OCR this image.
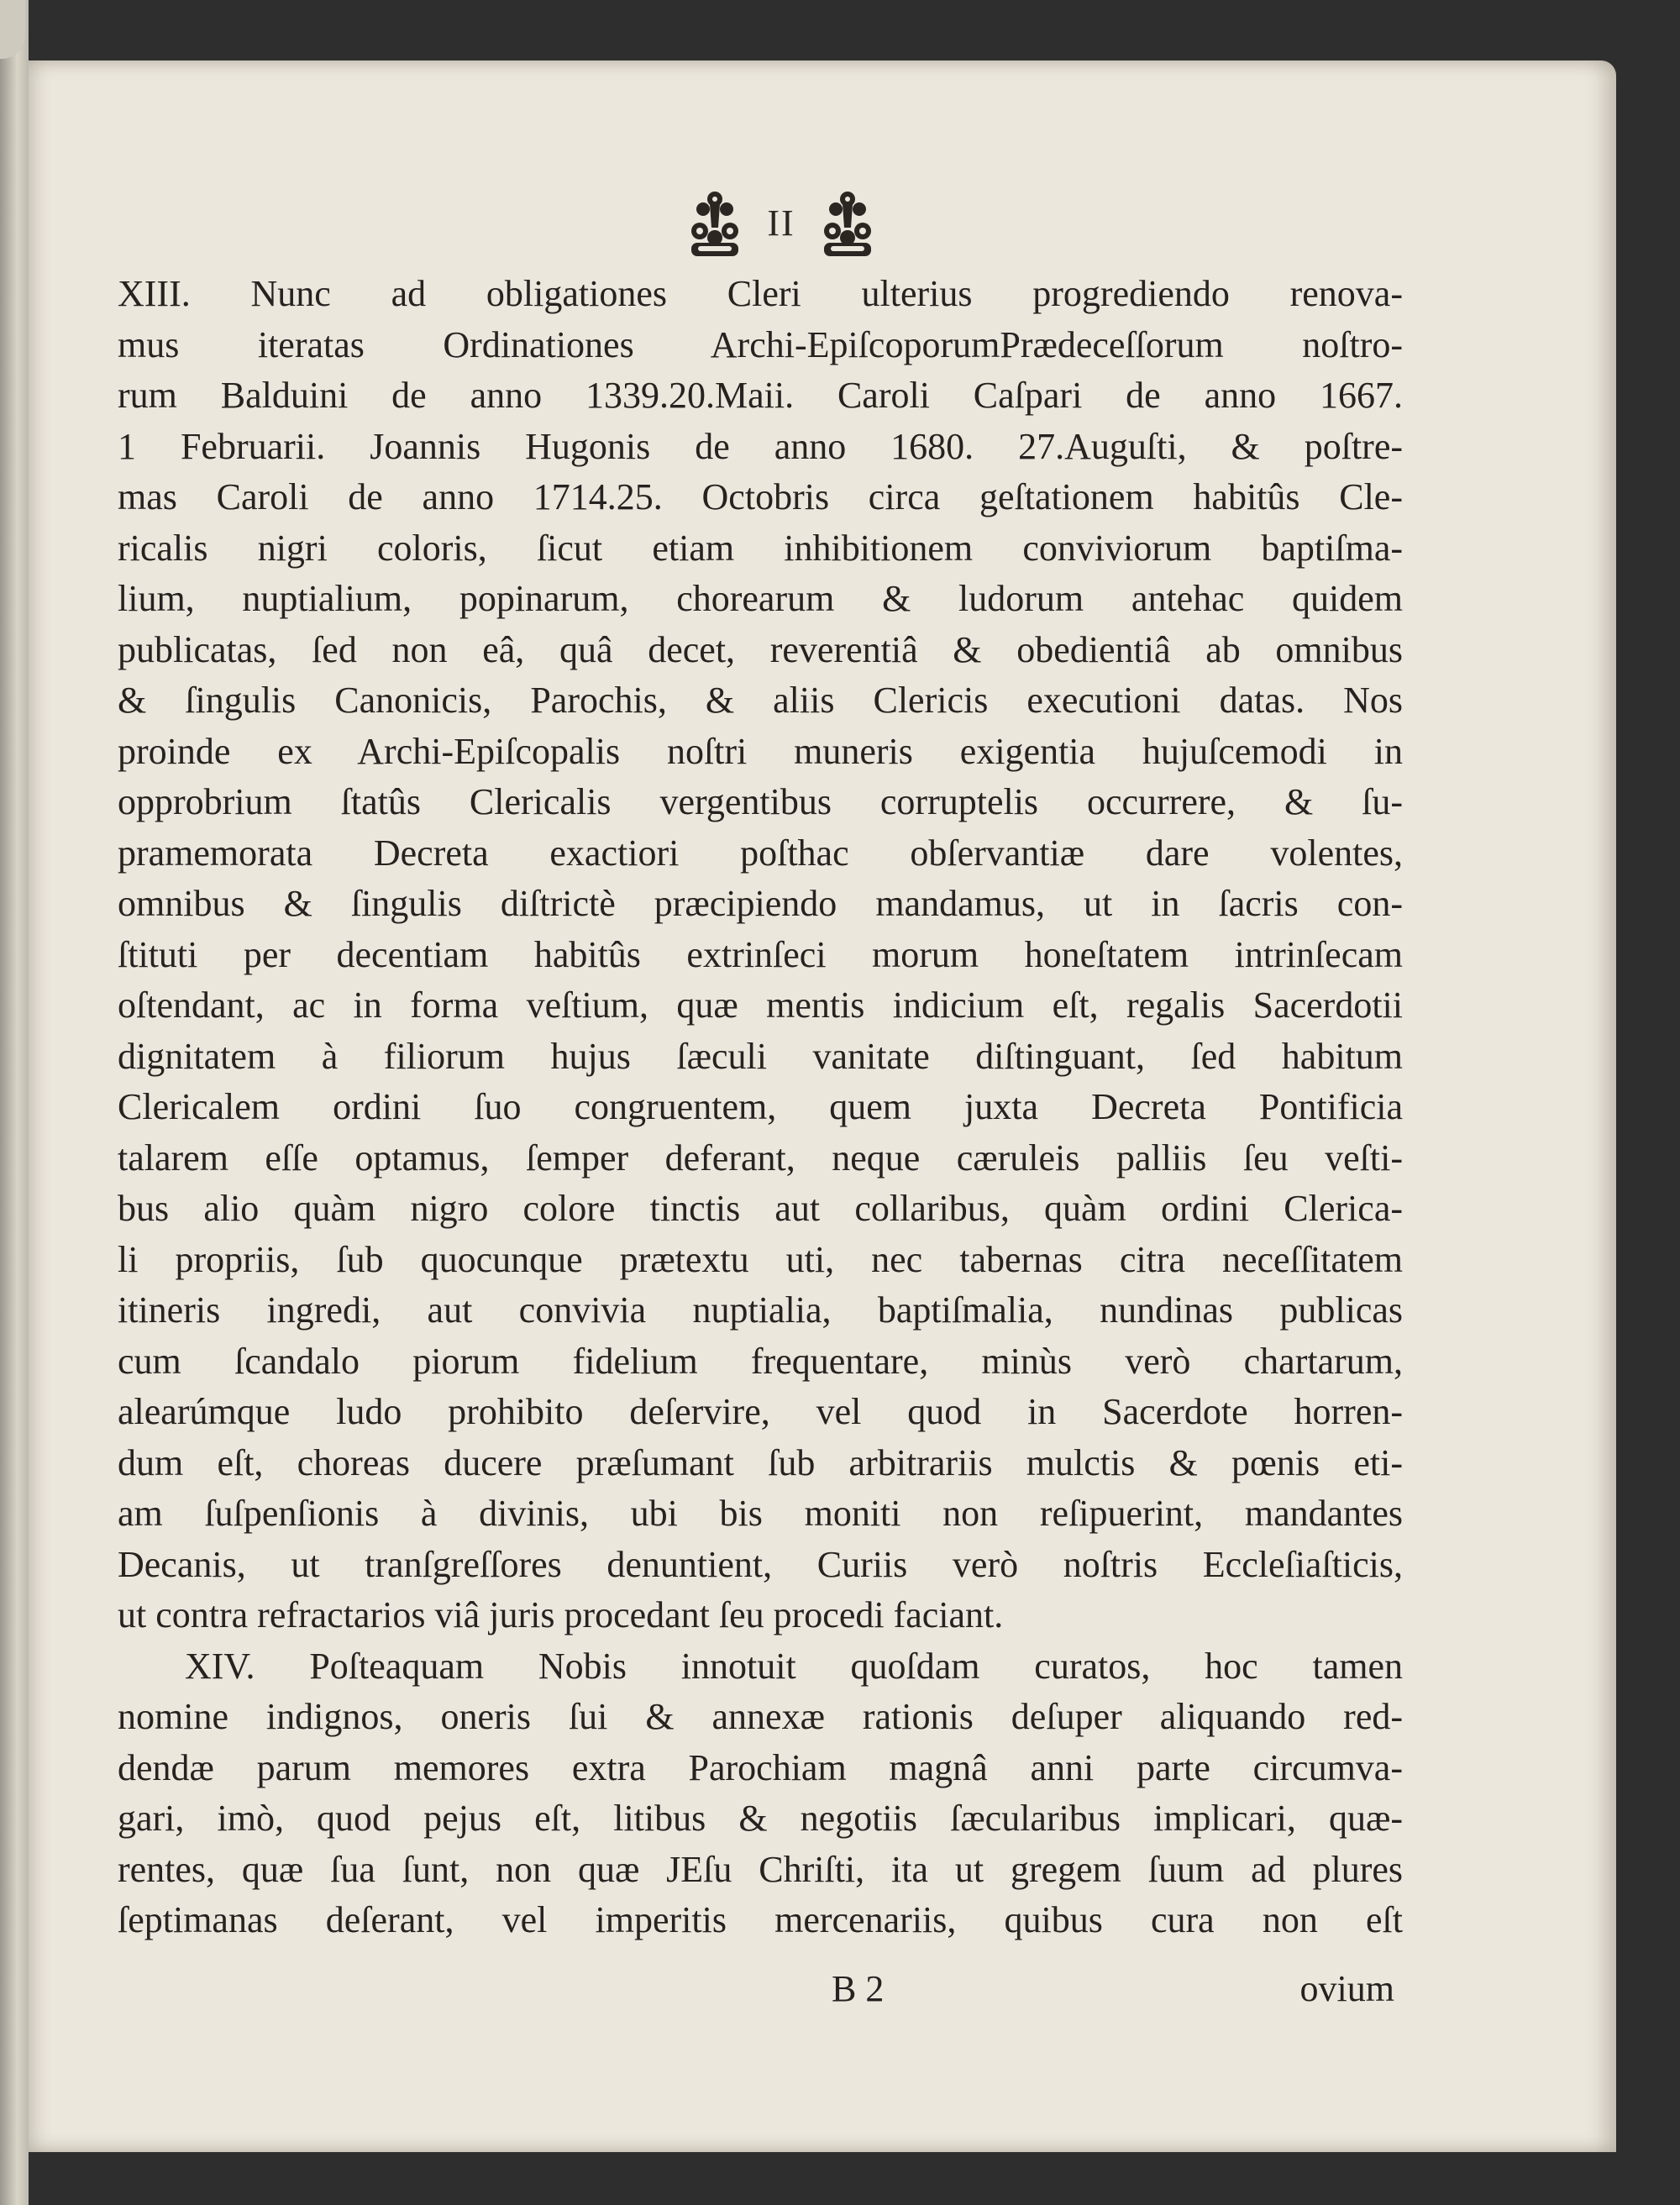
II
XIII. Nunc ad obligationes Cleri ulterius progrediendo renova-
mus iteratas Ordinationes Archi-EpiſcoporumPrædeceſſorum noſtro-
rum Balduini de anno 1339.20.Maii. Caroli Caſpari de anno 1667.
1 Februarii. Joannis Hugonis de anno 1680. 27.Auguſti, & poſtre-
mas Caroli de anno 1714.25. Octobris circa geſtationem habitûs Cle-
ricalis nigri coloris, ſicut etiam inhibitionem conviviorum baptiſma-
lium, nuptialium, popinarum, chorearum & ludorum antehac quidem
publicatas, ſed non eâ, quâ decet, reverentiâ & obedientiâ ab omnibus
& ſingulis Canonicis, Parochis, & aliis Clericis executioni datas. Nos
proinde ex Archi-Epiſcopalis noſtri muneris exigentia hujuſcemodi in
opprobrium ſtatûs Clericalis vergentibus corruptelis occurrere, & ſu-
pramemorata Decreta exactiori poſthac obſervantiæ dare volentes,
omnibus & ſingulis diſtrictè præcipiendo mandamus, ut in ſacris con-
ſtituti per decentiam habitûs extrinſeci morum honeſtatem intrinſecam
oſtendant, ac in forma veſtium, quæ mentis indicium eſt, regalis Sacerdotii
dignitatem à filiorum hujus ſæculi vanitate diſtinguant, ſed habitum
Clericalem ordini ſuo congruentem, quem juxta Decreta Pontificia
talarem eſſe optamus, ſemper deferant, neque cæruleis palliis ſeu veſti-
bus alio quàm nigro colore tinctis aut collaribus, quàm ordini Clerica-
li propriis, ſub quocunque prætextu uti, nec tabernas citra neceſſitatem
itineris ingredi, aut convivia nuptialia, baptiſmalia, nundinas publicas
cum ſcandalo piorum fidelium frequentare, minùs verò chartarum,
alearúmque ludo prohibito deſervire, vel quod in Sacerdote horren-
dum eſt, choreas ducere præſumant ſub arbitrariis mulctis & pœnis eti-
am ſuſpenſionis à divinis, ubi bis moniti non reſipuerint, mandantes
Decanis, ut tranſgreſſores denuntient, Curiis verò noſtris Eccleſiaſticis,
ut contra refractarios viâ juris procedant ſeu procedi faciant.
XIV. Poſteaquam Nobis innotuit quoſdam curatos, hoc tamen
nomine indignos, oneris ſui & annexæ rationis deſuper aliquando red-
dendæ parum memores extra Parochiam magnâ anni parte circumva-
gari, imò, quod pejus eſt, litibus & negotiis ſæcularibus implicari, quæ-
rentes, quæ ſua ſunt, non quæ JEſu Chriſti, ita ut gregem ſuum ad plures
ſeptimanas deſerant, vel imperitis mercenariis, quibus cura non eſt
B 2	ovium
